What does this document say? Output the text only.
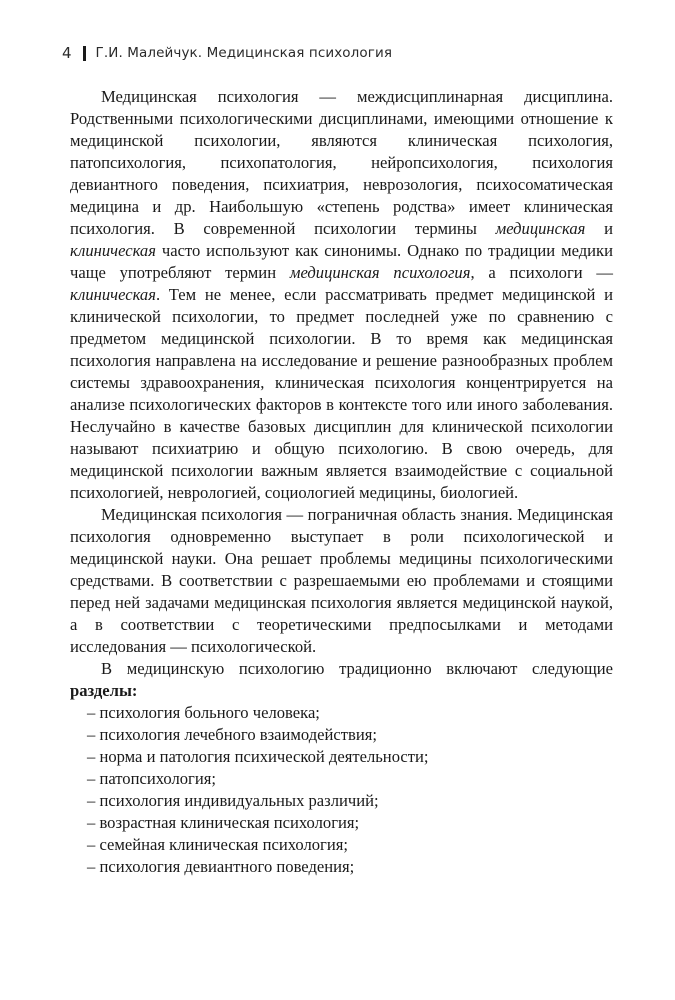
4 Г.И. Малейчук. Медицинская психология

Медицинская психология — междисциплинарная дисциплина. Родственными психологическими дисциплинами, имеющими отношение к медицинской психологии, являются клиническая психология, патопсихология, психопатология, нейропсихология, психология девиантного поведения, психиатрия, неврозология, психосоматическая медицина и др. Наибольшую «степень родства» имеет клиническая психология. В современной психологии термины медицинская и клиническая часто используют как синонимы. Однако по традиции медики чаще употребляют термин медицинская психология, а психологи — клиническая. Тем не менее, если рассматривать предмет медицинской и клинической психологии, то предмет последней уже по сравнению с предметом медицинской психологии. В то время как медицинская психология направлена на исследование и решение разнообразных проблем системы здравоохранения, клиническая психология концентрируется на анализе психологических факторов в контексте того или иного заболевания. Неслучайно в качестве базовых дисциплин для клинической психологии называют психиатрию и общую психологию. В свою очередь, для медицинской психологии важным является взаимодействие с социальной психологией, неврологией, социологией медицины, биологией.

Медицинская психология — пограничная область знания. Медицинская психология одновременно выступает в роли психологической и медицинской науки. Она решает проблемы медицины психологическими средствами. В соответствии с разрешаемыми ею проблемами и стоящими перед ней задачами медицинская психология является медицинской наукой, а в соответствии с теоретическими предпосылками и методами исследования — психологической.

В медицинскую психологию традиционно включают следующие разделы:

– психология больного человека;
– психология лечебного взаимодействия;
– норма и патология психической деятельности;
– патопсихология;
– психология индивидуальных различий;
– возрастная клиническая психология;
– семейная клиническая психология;
– психология девиантного поведения;
